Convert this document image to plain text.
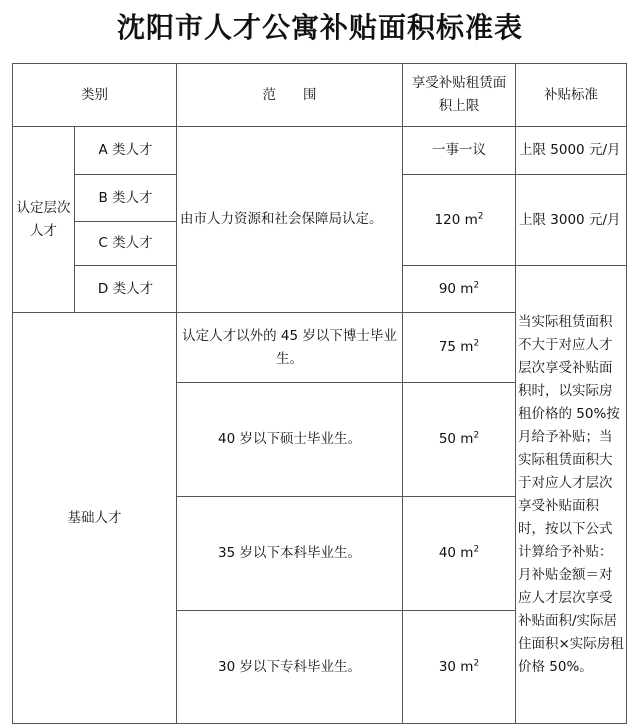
沈阳市人才公寓补贴面积标准表
类别		范　　围	享受补贴租赁面积上限	补贴标准
认定层次人才	A 类人才	由市人力资源和社会保障局认定。	一事一议	上限 5000 元/月
	B 类人才		120 $m^2$	上限 3000 元/月
	C 类人才			
	D 类人才		90 $m^2$	当实际租赁面积不大于对应人才层次享受补贴面积时，以实际房租价格的 50%按月给予补贴；当实际租赁面积大于对应人才层次享受补贴面积时，按以下公式计算给予补贴：月补贴金额＝对应人才层次享受补贴面积/实际居住面积×实际房租价格 50%。
基础人才		认定人才以外的 45 岁以下博士毕业生。	75 $m^2$
		40 岁以下硕士毕业生。	50 $m^2$
		35 岁以下本科毕业生。	40 $m^2$
		30 岁以下专科毕业生。	30 $m^2$
